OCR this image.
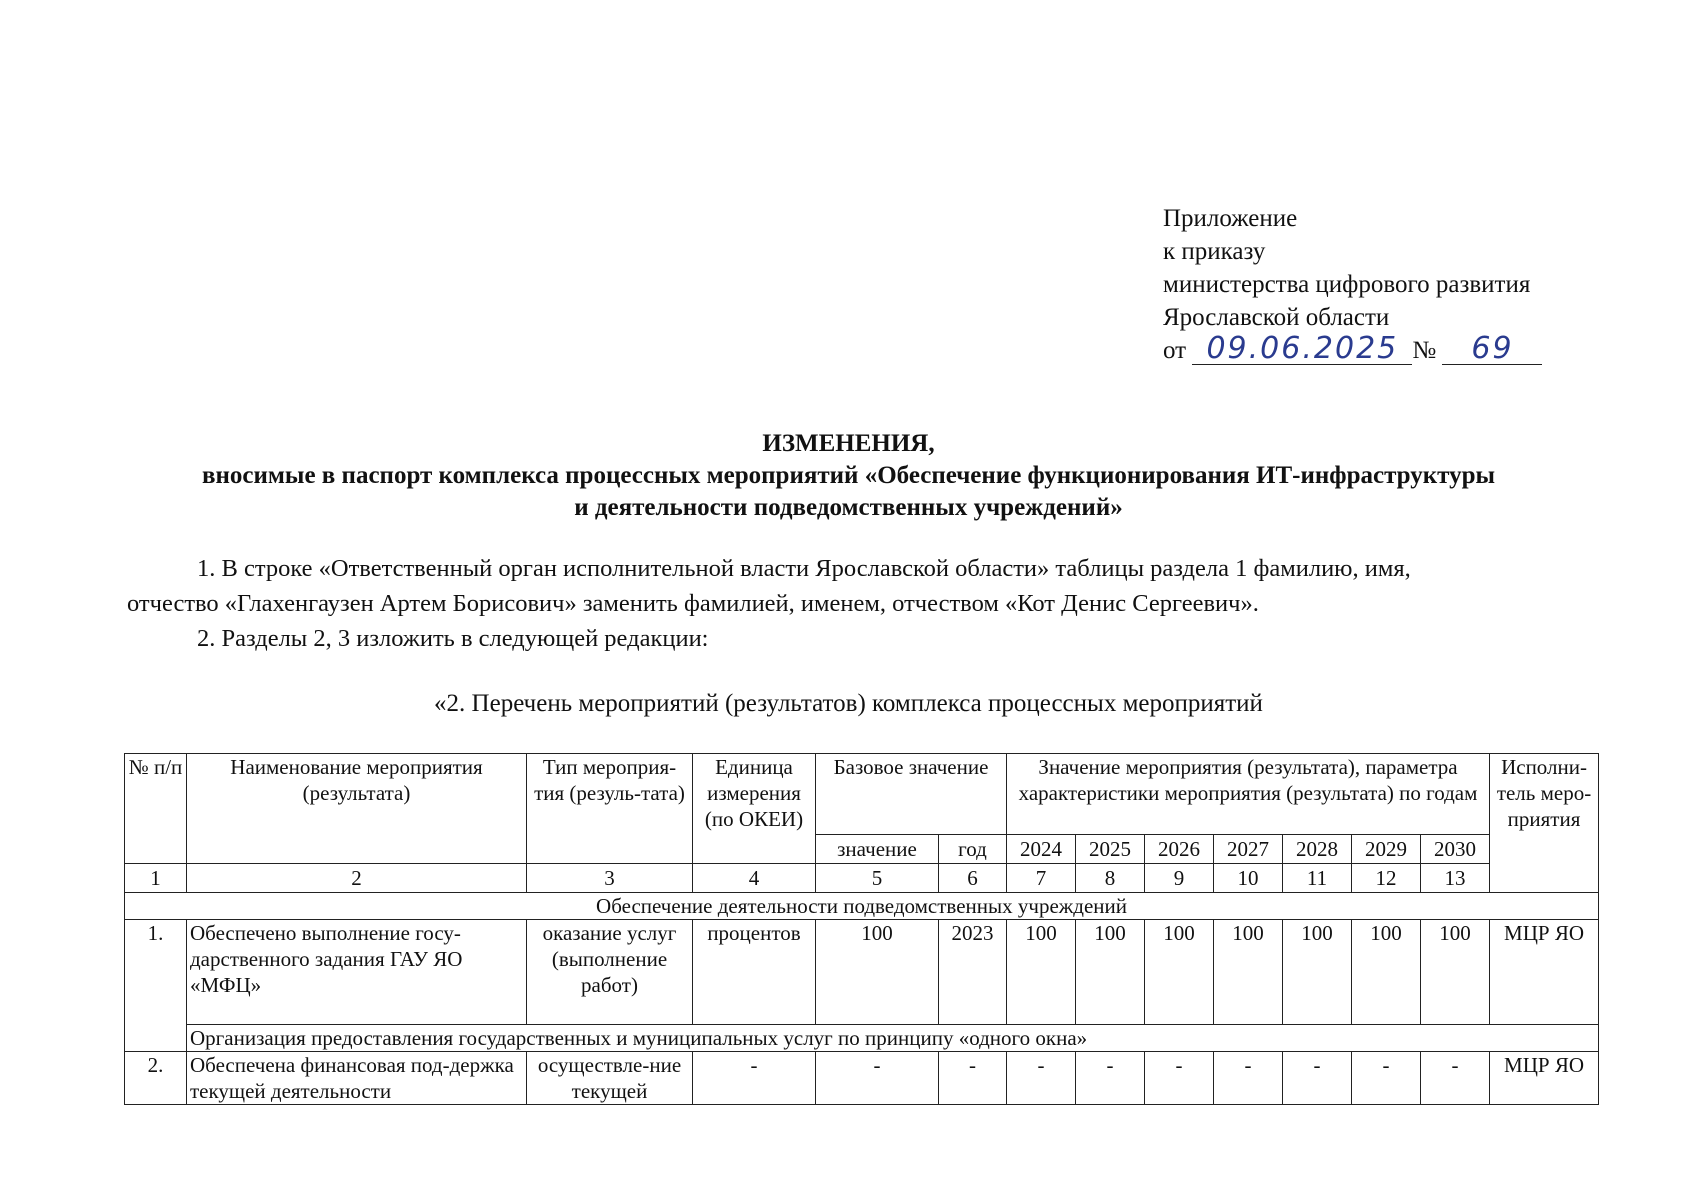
Приложение
к приказу
министерства цифрового развития
Ярославской области
от 09.06.2025 № 69
ИЗМЕНЕНИЯ,
вносимые в паспорт комплекса процессных мероприятий «Обеспечение функционирования ИТ-инфраструктуры
и деятельности подведомственных учреждений»
1. В строке «Ответственный орган исполнительной власти Ярославской области» таблицы раздела 1 фамилию, имя,
отчество «Глахенгаузен Артем Борисович» заменить фамилией, именем, отчеством «Кот Денис Сергеевич».
2. Разделы 2, 3 изложить в следующей редакции:
«2. Перечень мероприятий (результатов) комплекса процессных мероприятий
№ п/п	Наименование мероприятия (результата)	Тип мероприя-тия (резуль-тата)	Единица измерения (по ОКЕИ)	Базовое значение		Значение мероприятия (результата), параметра характеристики мероприятия (результата) по годам							Исполни-тель меро-приятия
				значение	год	2024	2025	2026	2027	2028	2029	2030	
1	2	3	4	5	6	7	8	9	10	11	12	13	
Обеспечение деятельности подведомственных учреждений													
1.	Обеспечено выполнение госу-дарственного задания ГАУ ЯО «МФЦ»	оказание услуг (выполнение работ)	процентов	100	2023	100	100	100	100	100	100	100	МЦР ЯО
	Организация предоставления государственных и муниципальных услуг по принципу «одного окна»												
2.	Обеспечена финансовая под-держка текущей деятельности	осуществле-ние текущей	-	-	-	-	-	-	-	-	-	-	МЦР ЯО
